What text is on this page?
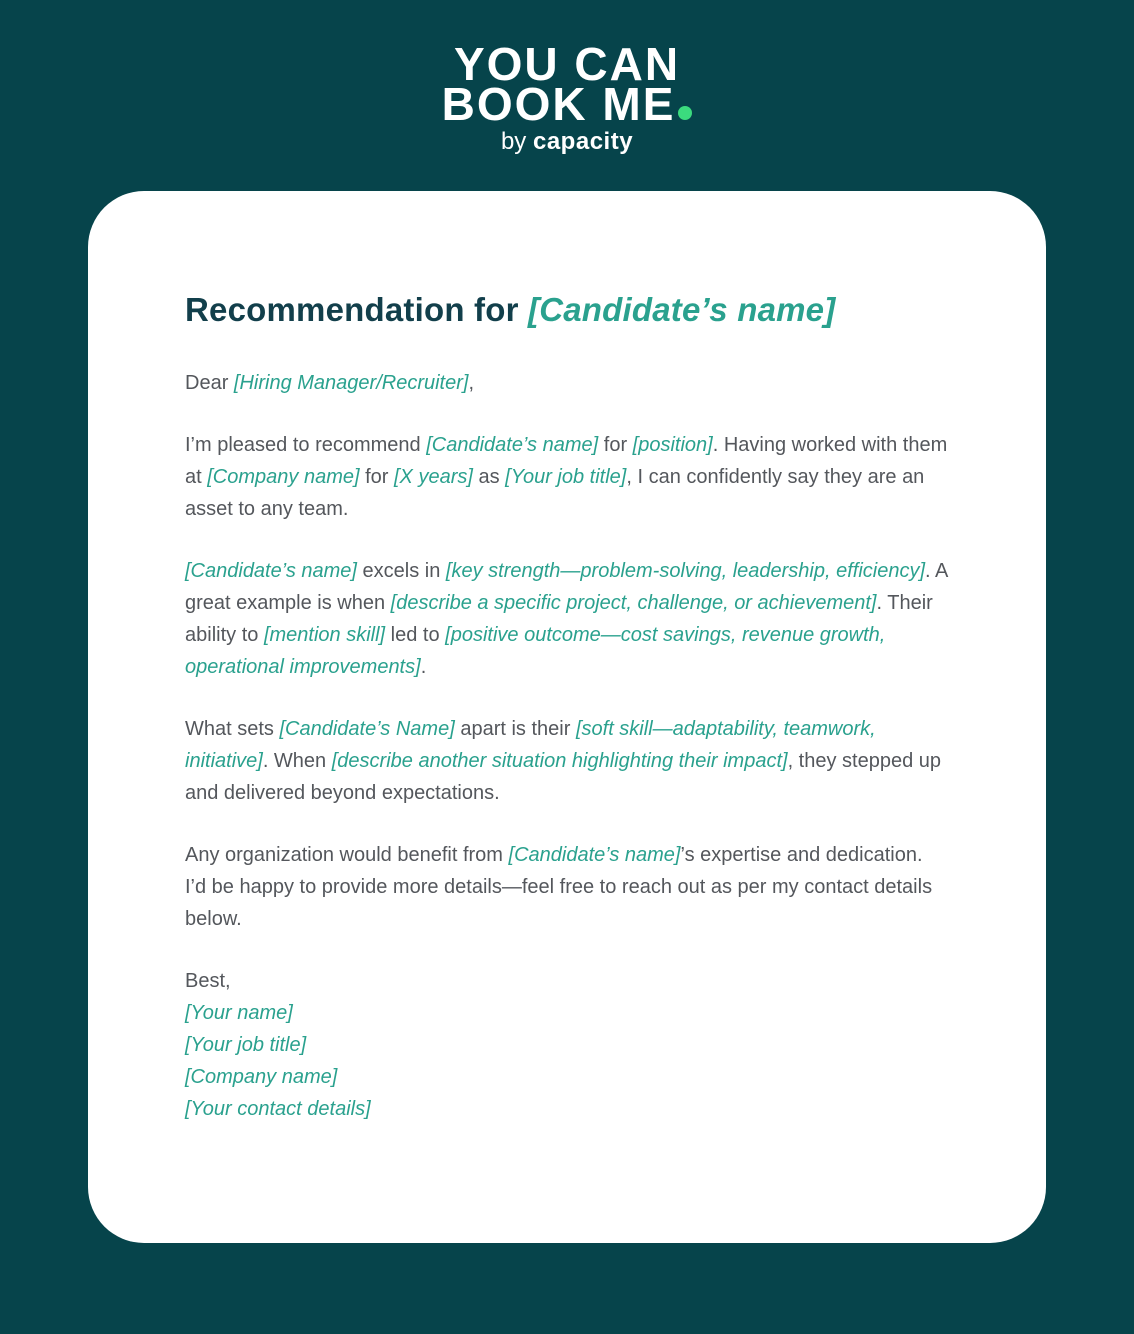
YOU CAN
BOOK ME
by capacity
Recommendation for [Candidate’s name]

Dear [Hiring Manager/Recruiter],

I’m pleased to recommend [Candidate’s name] for [position]. Having worked with them at [Company name] for [X years] as [Your job title], I can confidently say they are an asset to any team.

[Candidate’s name] excels in [key strength—problem-solving, leadership, efficiency]. A great example is when [describe a specific project, challenge, or achievement]. Their ability to [mention skill] led to [positive outcome—cost savings, revenue growth, operational improvements].

What sets [Candidate’s Name] apart is their [soft skill—adaptability, teamwork, initiative]. When [describe another situation highlighting their impact], they stepped up and delivered beyond expectations.

Any organization would benefit from [Candidate’s name]’s expertise and dedication. I’d be happy to provide more details—feel free to reach out as per my contact details below.

Best,

[Your name]

[Your job title]

[Company name]

[Your contact details]
